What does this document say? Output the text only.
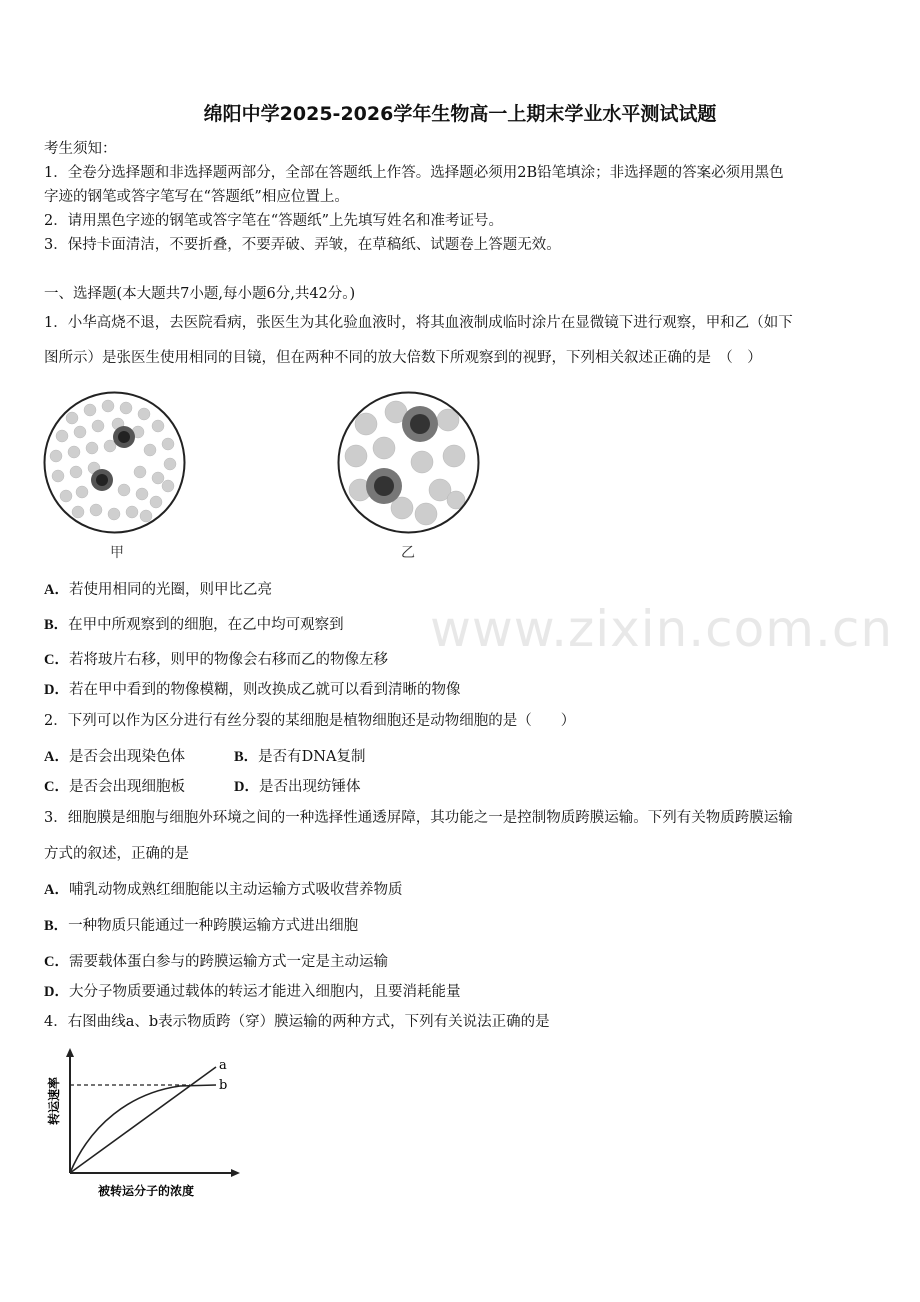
绵阳中学2025-2026学年生物高一上期末学业水平测试试题
考生须知：
1．全卷分选择题和非选择题两部分，全部在答题纸上作答。选择题必须用2B铅笔填涂；非选择题的答案必须用黑色
字迹的钢笔或答字笔写在“答题纸”相应位置上。
2．请用黑色字迹的钢笔或答字笔在“答题纸”上先填写姓名和准考证号。
3．保持卡面清洁，不要折叠，不要弄破、弄皱，在草稿纸、试题卷上答题无效。
一、选择题(本大题共7小题,每小题6分,共42分。)
1．小华高烧不退，去医院看病，张医生为其化验血液时，将其血液制成临时涂片在显微镜下进行观察，甲和乙（如下
图所示）是张医生使用相同的目镜，但在两种不同的放大倍数下所观察到的视野，下列相关叙述正确的是　（　）
甲	乙
A．若使用相同的光圈，则甲比乙亮
B．在甲中所观察到的细胞，在乙中均可观察到
C．若将玻片右移，则甲的物像会右移而乙的物像左移
D．若在甲中看到的物像模糊，则改换成乙就可以看到清晰的物像
www.zixin.com.cn
2．下列可以作为区分进行有丝分裂的某细胞是植物细胞还是动物细胞的是（　　）
A．是否会出现染色体	B．是否有DNA复制
C．是否会出现细胞板	D．是否出现纺锤体
3．细胞膜是细胞与细胞外环境之间的一种选择性通透屏障，其功能之一是控制物质跨膜运输。下列有关物质跨膜运输
方式的叙述，正确的是
A．哺乳动物成熟红细胞能以主动运输方式吸收营养物质
B．一种物质只能通过一种跨膜运输方式进出细胞
C．需要载体蛋白参与的跨膜运输方式一定是主动运输
D．大分子物质要通过载体的转运才能进入细胞内，且要消耗能量
4．右图曲线a、b表示物质跨（穿）膜运输的两种方式，下列有关说法正确的是
a
b
被转运分子的浓度
转运速率
